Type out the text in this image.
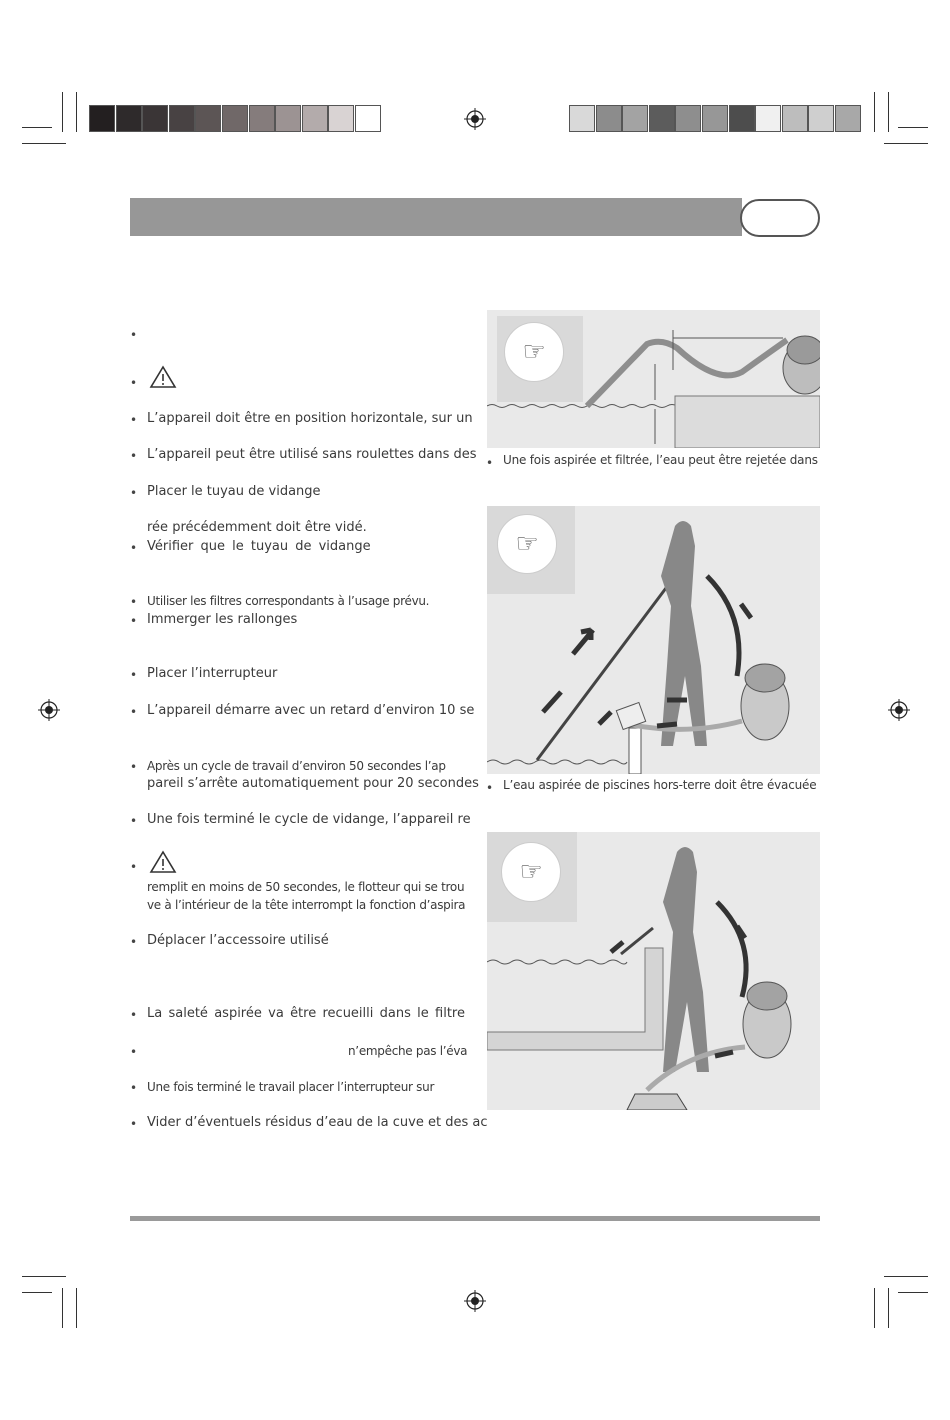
•
•
• L’appareil doit être en position horizontale, sur un
• L’appareil peut être utilisé sans roulettes dans des
• Placer le tuyau de vidange
rée précédemment doit être vidé.
• Vérifier que le tuyau de vidange
• Utiliser les filtres correspondants à l’usage prévu.
• Immerger les rallonges
• Placer l’interrupteur
• L’appareil démarre avec un retard d’environ 10 se
• Après un cycle de travail d’environ 50 secondes l’ap
pareil s’arrête automatiquement pour 20 secondes
• Une fois terminé le cycle de vidange, l’appareil re
•
remplit en moins de 50 secondes, le flotteur qui se trou
ve à l’intérieur de la tête interrompt la fonction d’aspira
• Déplacer l’accessoire utilisé
• La saleté aspirée va être recueilli dans le filtre
•	n’empêche pas l’éva
• Une fois terminé le travail placer l’interrupteur sur
• Vider d’éventuels résidus d’eau de la cuve et des ac
☞
• Une fois aspirée et filtrée, l’eau peut être rejetée dans
☞
• L’eau aspirée de piscines hors-terre doit être évacuée
☞
